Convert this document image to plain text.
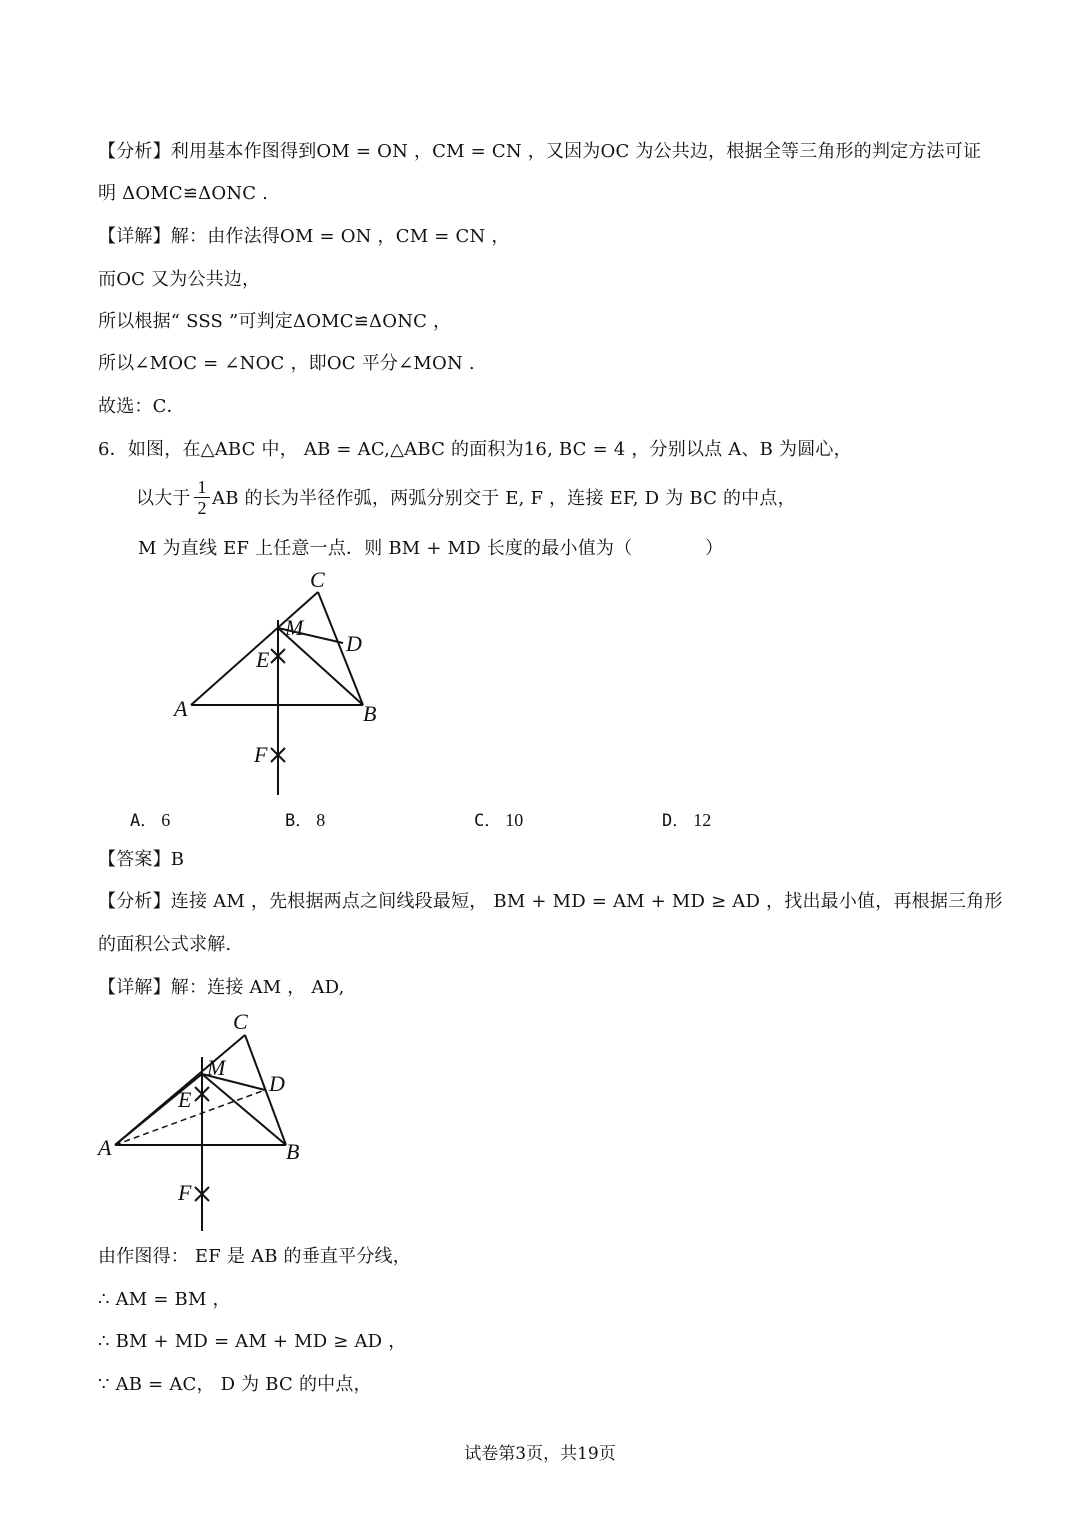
【分析】利用基本作图得到OM = ON ，CM = CN ，又因为OC 为公共边，根据全等三角形的判定方法可证
明 ΔOMC≌ΔONC .
【详解】解：由作法得OM = ON ，CM = CN ，
而OC 又为公共边，
所以根据“ SSS ”可判定ΔOMC≌ΔONC ，
所以∠MOC = ∠NOC ，即OC 平分∠MON .
故选：C．
6．如图，在△ABC 中， AB = AC,△ABC 的面积为16, BC = 4 ，分别以点 A、B 为圆心，
以大于
1
2 AB 的长为半径作弧，两弧分别交于 E, F ，连接 EF, D 为 BC 的中点，
M 为直线 EF 上任意一点．则 BM + MD 长度的最小值为（　　　　）
C
M
D
E
A	B
F
A． 6	B． 8	C． 10	D． 12
【答案】B
【分析】连接 AM ，先根据两点之间线段最短， BM + MD = AM + MD ≥ AD ，找出最小值，再根据三角形
的面积公式求解.
【详解】解：连接 AM ， AD,
C
M
D
E
A	B
F
由作图得： EF 是 AB 的垂直平分线，
∴ AM = BM ，
∴ BM + MD = AM + MD ≥ AD ，
∵ AB = AC， D 为 BC 的中点，
试卷第3页，共19页
